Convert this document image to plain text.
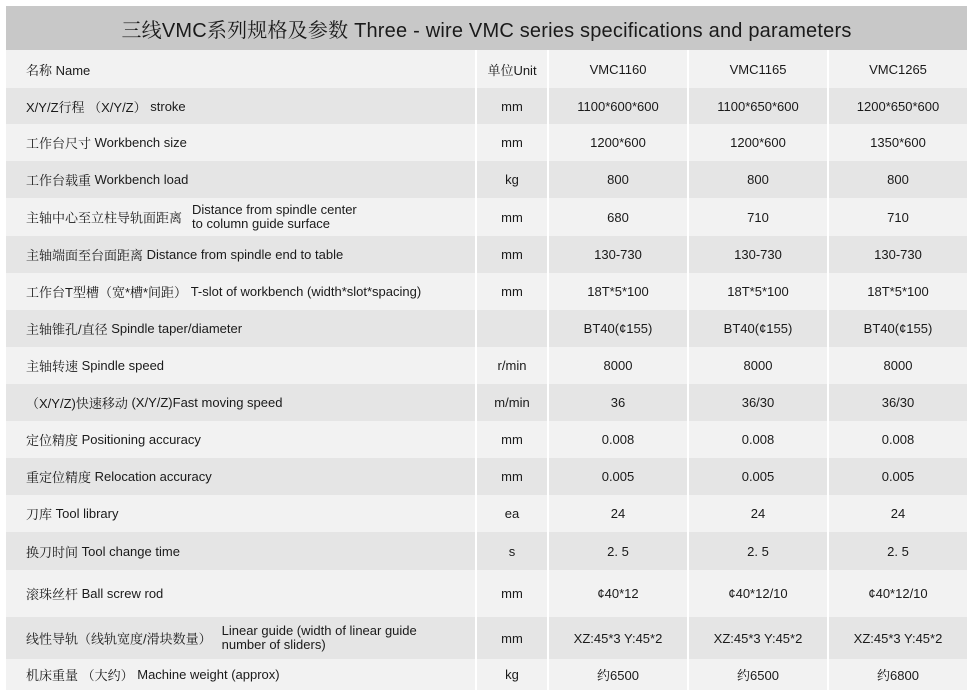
三线VMC系列规格及参数 Three - wire VMC series specifications and parameters
名称 Name	单位Unit	VMC1160	VMC1165	VMC1265
X/Y/Z行程 （X/Y/Z） stroke	mm	1100*600*600	1100*650*600	1200*650*600
工作台尺寸 Workbench size	mm	1200*600	1200*600	1350*600
工作台载重 Workbench load	kg	800	800	800
主轴中心至立柱导轨面距离
Distance from spindle center
to column guide surface	mm	680	710	710
主轴端面至台面距离 Distance from spindle end to table	mm	130-730	130-730	130-730
工作台T型槽（宽*槽*间距） T-slot of workbench (width*slot*spacing)	mm	18T*5*100	18T*5*100	18T*5*100
主轴锥孔/直径 Spindle taper/diameter		BT40(¢155)	BT40(¢155)	BT40(¢155)
主轴转速 Spindle speed	r/min	8000	8000	8000
（X/Y/Z)快速移动 (X/Y/Z)Fast moving speed	m/min	36	36/30	36/30
定位精度 Positioning accuracy	mm	0.008	0.008	0.008
重定位精度 Relocation accuracy	mm	0.005	0.005	0.005
刀库 Tool library	ea	24	24	24
换刀时间 Tool change time	s	2. 5	2. 5	2. 5
滚珠丝杆 Ball screw rod	mm	¢40*12	¢40*12/10	¢40*12/10
线性导轨（线轨宽度/滑块数量）
Linear guide (width of linear guide
number of sliders)	mm	XZ:45*3 Y:45*2	XZ:45*3 Y:45*2	XZ:45*3 Y:45*2
机床重量 （大约） Machine weight (approx)	kg	约6500	约6500	约6800
